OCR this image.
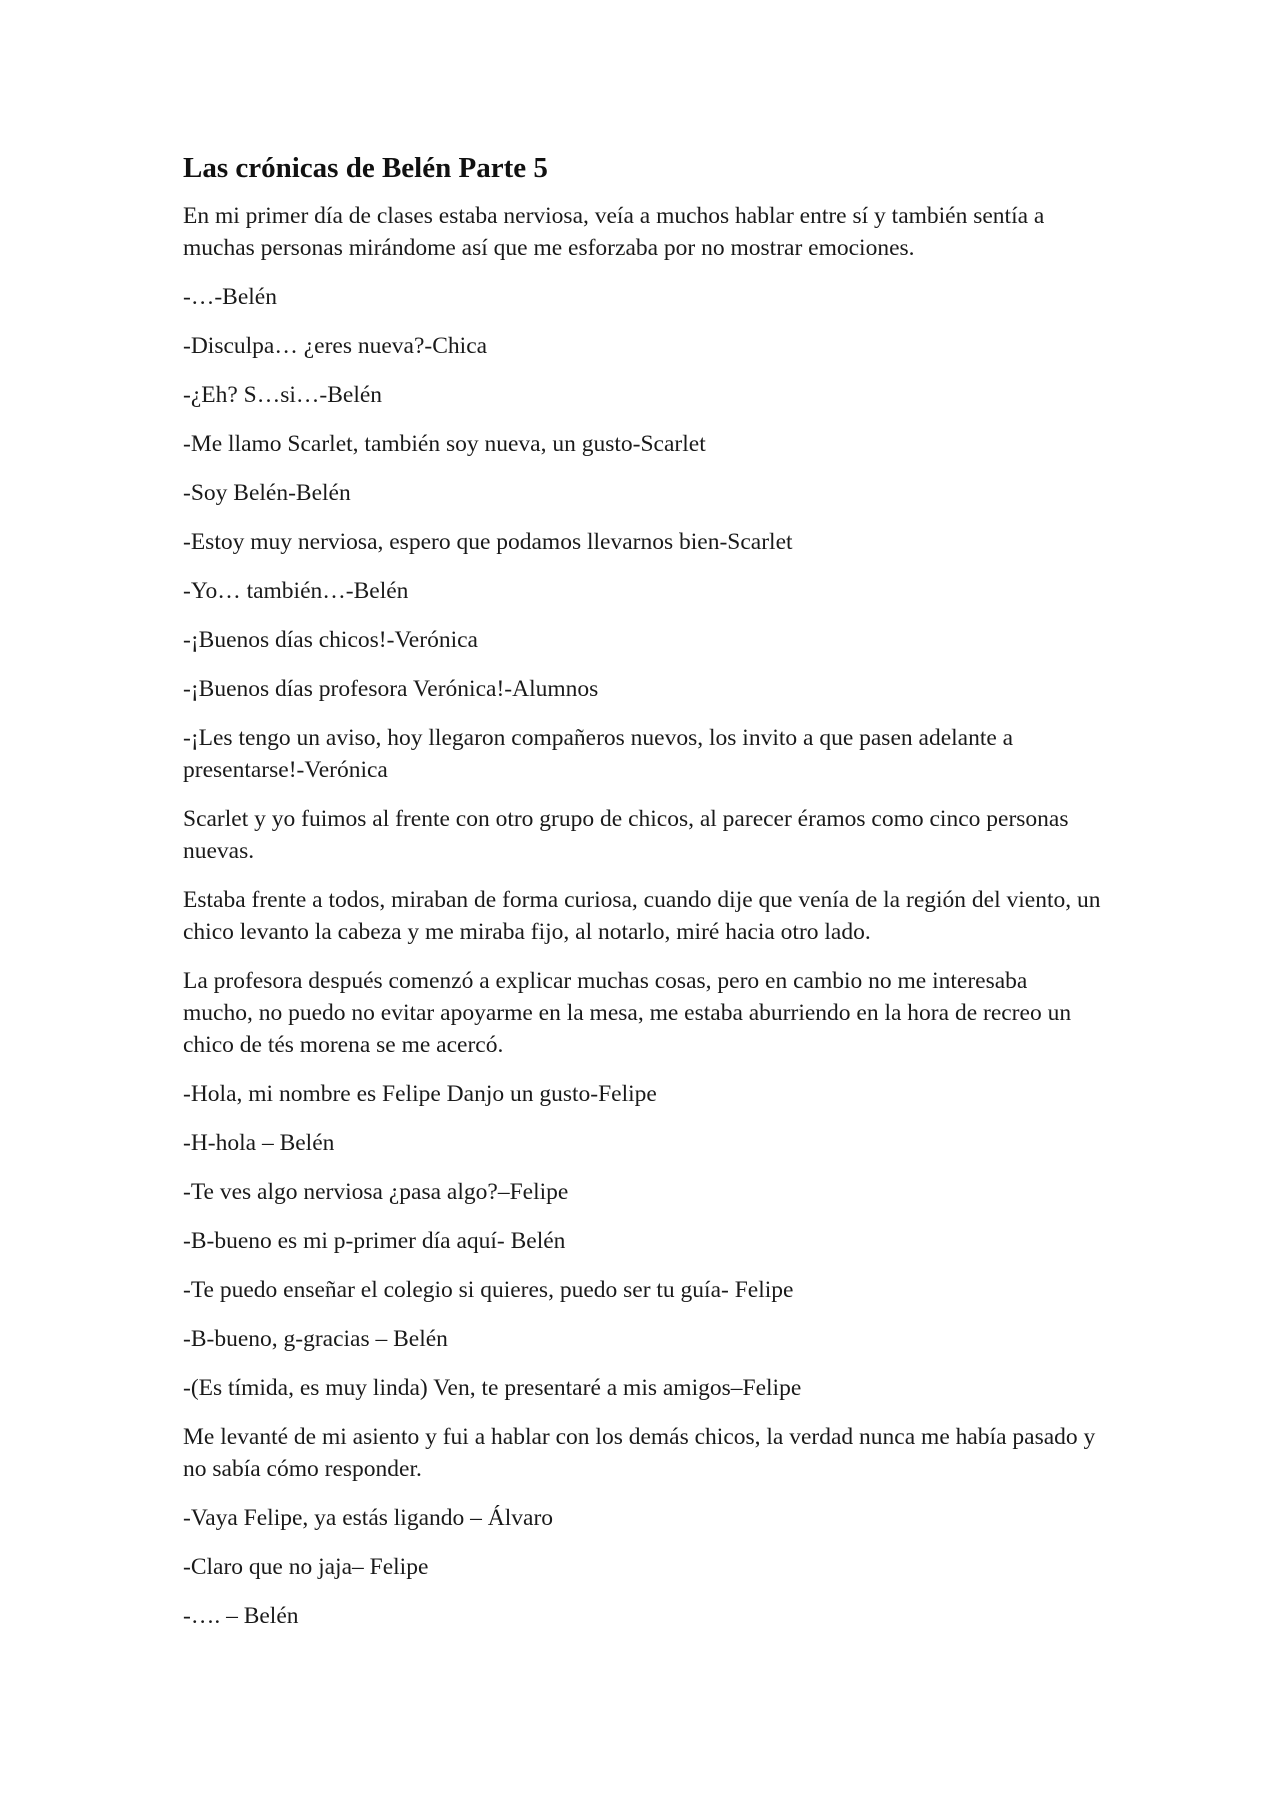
Las crónicas de Belén Parte 5

En mi primer día de clases estaba nerviosa, veía a muchos hablar entre sí y también sentía a muchas personas mirándome así que me esforzaba por no mostrar emociones.

-…-Belén

-Disculpa… ¿eres nueva?-Chica

-¿Eh? S…si…-Belén

-Me llamo Scarlet, también soy nueva, un gusto-Scarlet

-Soy Belén-Belén

-Estoy muy nerviosa, espero que podamos llevarnos bien-Scarlet

-Yo… también…-Belén

-¡Buenos días chicos!-Verónica

-¡Buenos días profesora Verónica!-Alumnos

-¡Les tengo un aviso, hoy llegaron compañeros nuevos, los invito a que pasen adelante a presentarse!-Verónica

Scarlet y yo fuimos al frente con otro grupo de chicos, al parecer éramos como cinco personas nuevas.

Estaba frente a todos, miraban de forma curiosa, cuando dije que venía de la región del viento, un chico levanto la cabeza y me miraba fijo, al notarlo, miré hacia otro lado.

La profesora después comenzó a explicar muchas cosas, pero en cambio no me interesaba mucho, no puedo no evitar apoyarme en la mesa, me estaba aburriendo en la hora de recreo un chico de tés morena se me acercó.

-Hola, mi nombre es Felipe Danjo un gusto-Felipe

-H-hola – Belén

-Te ves algo nerviosa ¿pasa algo?–Felipe

-B-bueno es mi p-primer día aquí- Belén

-Te puedo enseñar el colegio si quieres, puedo ser tu guía- Felipe

-B-bueno, g-gracias – Belén

-(Es tímida, es muy linda) Ven, te presentaré a mis amigos–Felipe

Me levanté de mi asiento y fui a hablar con los demás chicos, la verdad nunca me había pasado y no sabía cómo responder.

-Vaya Felipe, ya estás ligando – Álvaro

-Claro que no jaja– Felipe

-…. – Belén
